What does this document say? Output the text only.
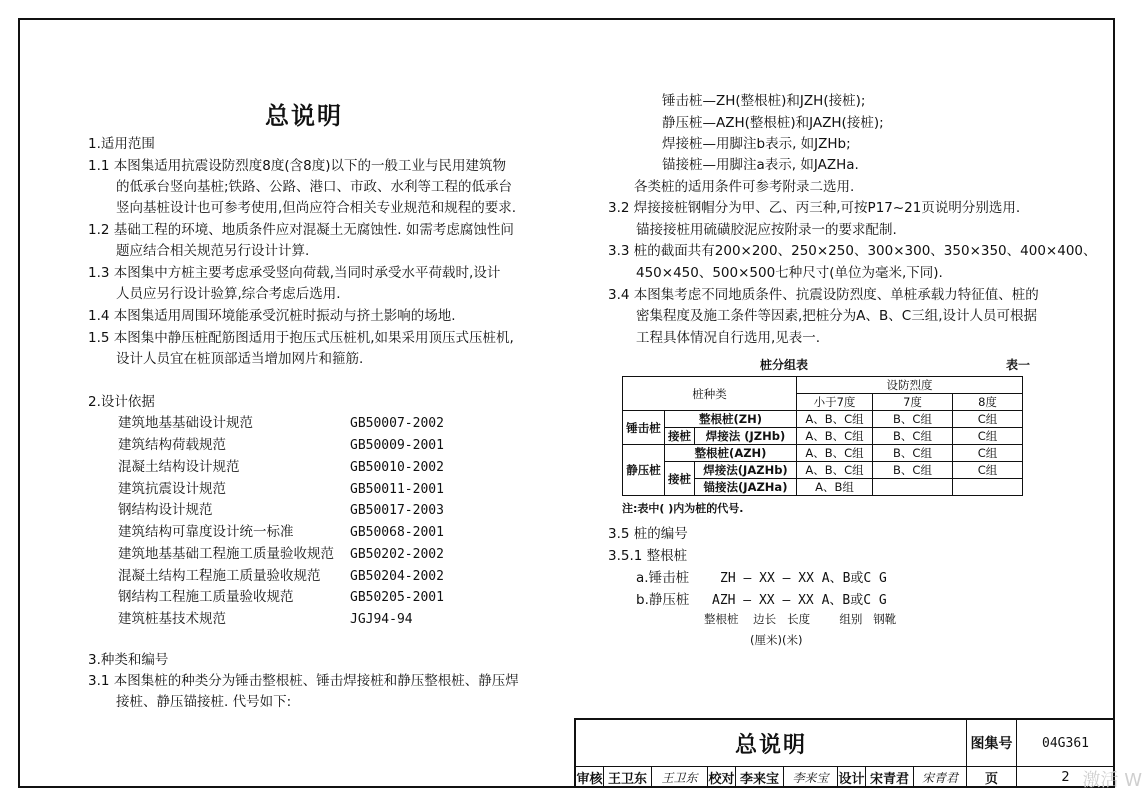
总说明
1.适用范围
1.1 本图集适用抗震设防烈度8度(含8度)以下的一般工业与民用建筑物
的低承台竖向基桩;铁路、公路、港口、市政、水利等工程的低承台
竖向基桩设计也可参考使用,但尚应符合相关专业规范和规程的要求.
1.2 基础工程的环境、地质条件应对混凝土无腐蚀性. 如需考虑腐蚀性问
题应结合相关规范另行设计计算.
1.3 本图集中方桩主要考虑承受竖向荷载,当同时承受水平荷载时,设计
人员应另行设计验算,综合考虑后选用.
1.4 本图集适用周围环境能承受沉桩时振动与挤土影响的场地.
1.5 本图集中静压桩配筋图适用于抱压式压桩机,如果采用顶压式压桩机,
设计人员宜在桩顶部适当增加网片和箍筋.
2.设计依据
建筑地基基础设计规范	GB50007-2002
建筑结构荷载规范	GB50009-2001
混凝土结构设计规范	GB50010-2002
建筑抗震设计规范	GB50011-2001
钢结构设计规范	GB50017-2003
建筑结构可靠度设计统一标准	GB50068-2001
建筑地基基础工程施工质量验收规范 GB50202-2002
混凝土结构工程施工质量验收规范 GB50204-2002
钢结构工程施工质量验收规范	GB50205-2001
建筑桩基技术规范	JGJ94-94
3.种类和编号
3.1 本图集桩的种类分为锤击整根桩、锤击焊接桩和静压整根桩、静压焊
接桩、静压锚接桩. 代号如下:
锤击桩—ZH(整根桩)和JZH(接桩);
静压桩—AZH(整根桩)和JAZH(接桩);
焊接桩—用脚注b表示, 如JZHb;
锚接桩—用脚注a表示, 如JAZHa.
各类桩的适用条件可参考附录二选用.
3.2 焊接接桩钢帽分为甲、乙、丙三种,可按P17~21页说明分别选用.
锚接接桩用硫磺胶泥应按附录一的要求配制.
3.3 桩的截面共有200×200、250×250、300×300、350×350、400×400、
450×450、500×500七种尺寸(单位为毫米,下同).
3.4 本图集考虑不同地质条件、抗震设防烈度、单桩承载力特征值、桩的
密集程度及施工条件等因素,把桩分为A、B、C三组,设计人员可根据
工程具体情况自行选用,见表一.
桩分组表	表一
桩种类			设防烈度		
			小于7度	7度	8度
锤击桩	整根桩(ZH)		A、B、C组	B、C组	C组
	接桩	焊接法 (JZHb)	A、B、C组	B、C组	C组
静压桩	整根桩(AZH)		A、B、C组	B、C组	C组
	接桩	焊接法(JAZHb)	A、B、C组	B、C组	C组
		锚接法(JAZHa)	A、B组		
注:表中( )内为桩的代号.
3.5 桩的编号
3.5.1 整根桩
a.锤击桩 ZH — XX — XX A、B或C G
b.静压桩 AZH — XX — XX A、B或C G
整根桩    边长   长度        组别   钢靴
(厘米)(米)
总说明	图集号	04G361
审核 王卫东	王卫东 校对 李来宝	李来宝 设计 宋青君	宋青君	页	2 激活 W
